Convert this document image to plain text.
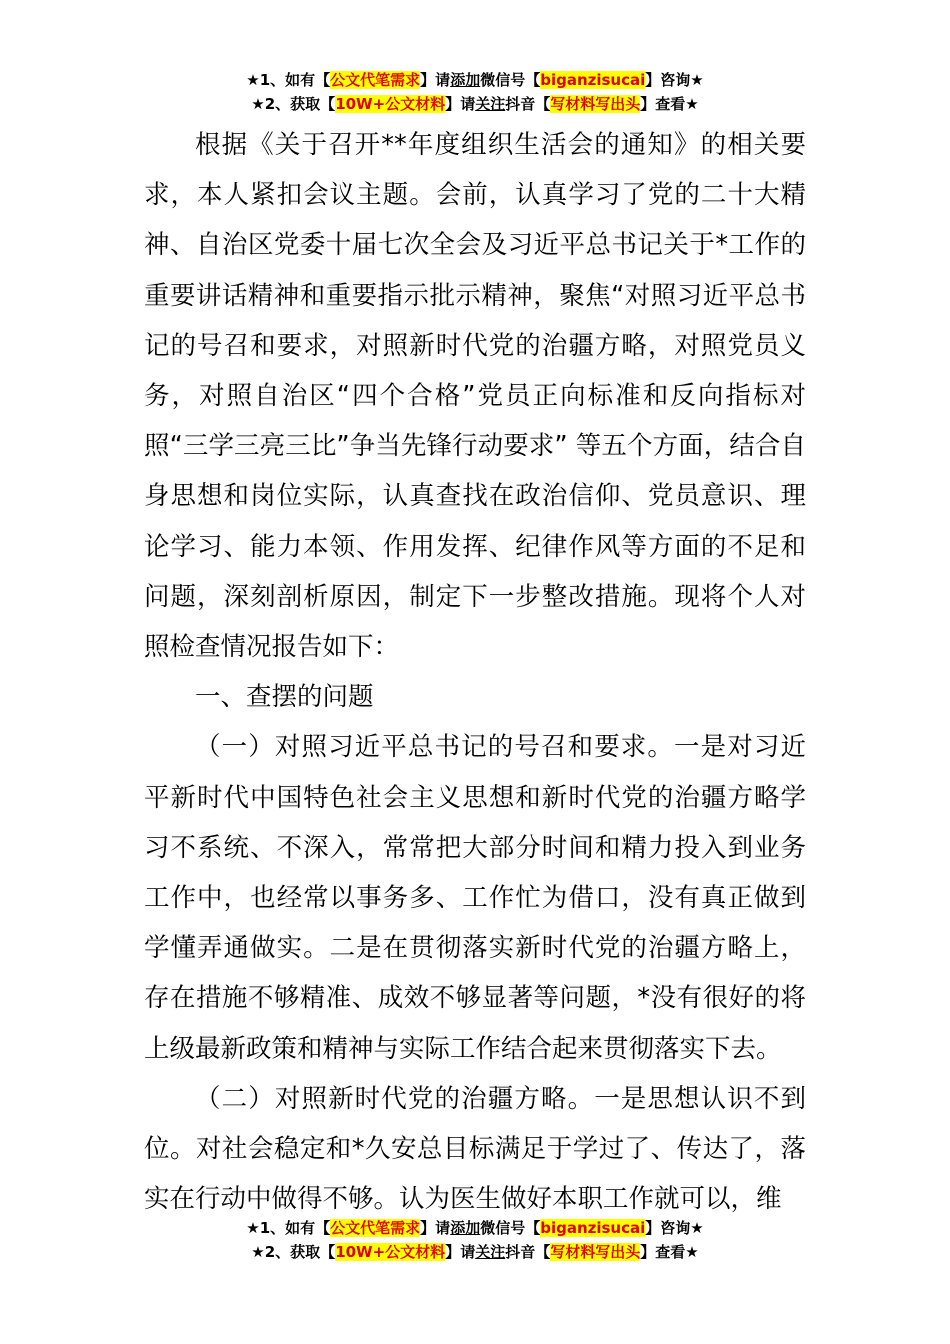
★1、如有【公文代笔需求】请添加微信号【biganzisucai】咨询★
★2、获取【10W+公文材料】请关注抖音【写材料写出头】查看★

根据《关于召开**年度组织生活会的通知》的相关要求，本人紧扣会议主题。会前，认真学习了党的二十大精神、自治区党委十届七次全会及习近平总书记关于*工作的重要讲话精神和重要指示批示精神，聚焦“对照习近平总书记的号召和要求，对照新时代党的治疆方略，对照党员义务，对照自治区“四个合格”党员正向标准和反向指标对照“三学三亮三比”争当先锋行动要求” 等五个方面，结合自身思想和岗位实际，认真查找在政治信仰、党员意识、理论学习、能力本领、作用发挥、纪律作风等方面的不足和问题，深刻剖析原因，制定下一步整改措施。现将个人对照检查情况报告如下：

一、查摆的问题

（一）对照习近平总书记的号召和要求。一是对习近平新时代中国特色社会主义思想和新时代党的治疆方略学习不系统、不深入，常常把大部分时间和精力投入到业务工作中，也经常以事务多、工作忙为借口，没有真正做到学懂弄通做实。二是在贯彻落实新时代党的治疆方略上，存在措施不够精准、成效不够显著等问题，*没有很好的将上级最新政策和精神与实际工作结合起来贯彻落实下去。

（二）对照新时代党的治疆方略。一是思想认识不到位。对社会稳定和*久安总目标满足于学过了、传达了，落实在行动中做得不够。认为医生做好本职工作就可以，维

★1、如有【公文代笔需求】请添加微信号【biganzisucai】咨询★
★2、获取【10W+公文材料】请关注抖音【写材料写出头】查看★
